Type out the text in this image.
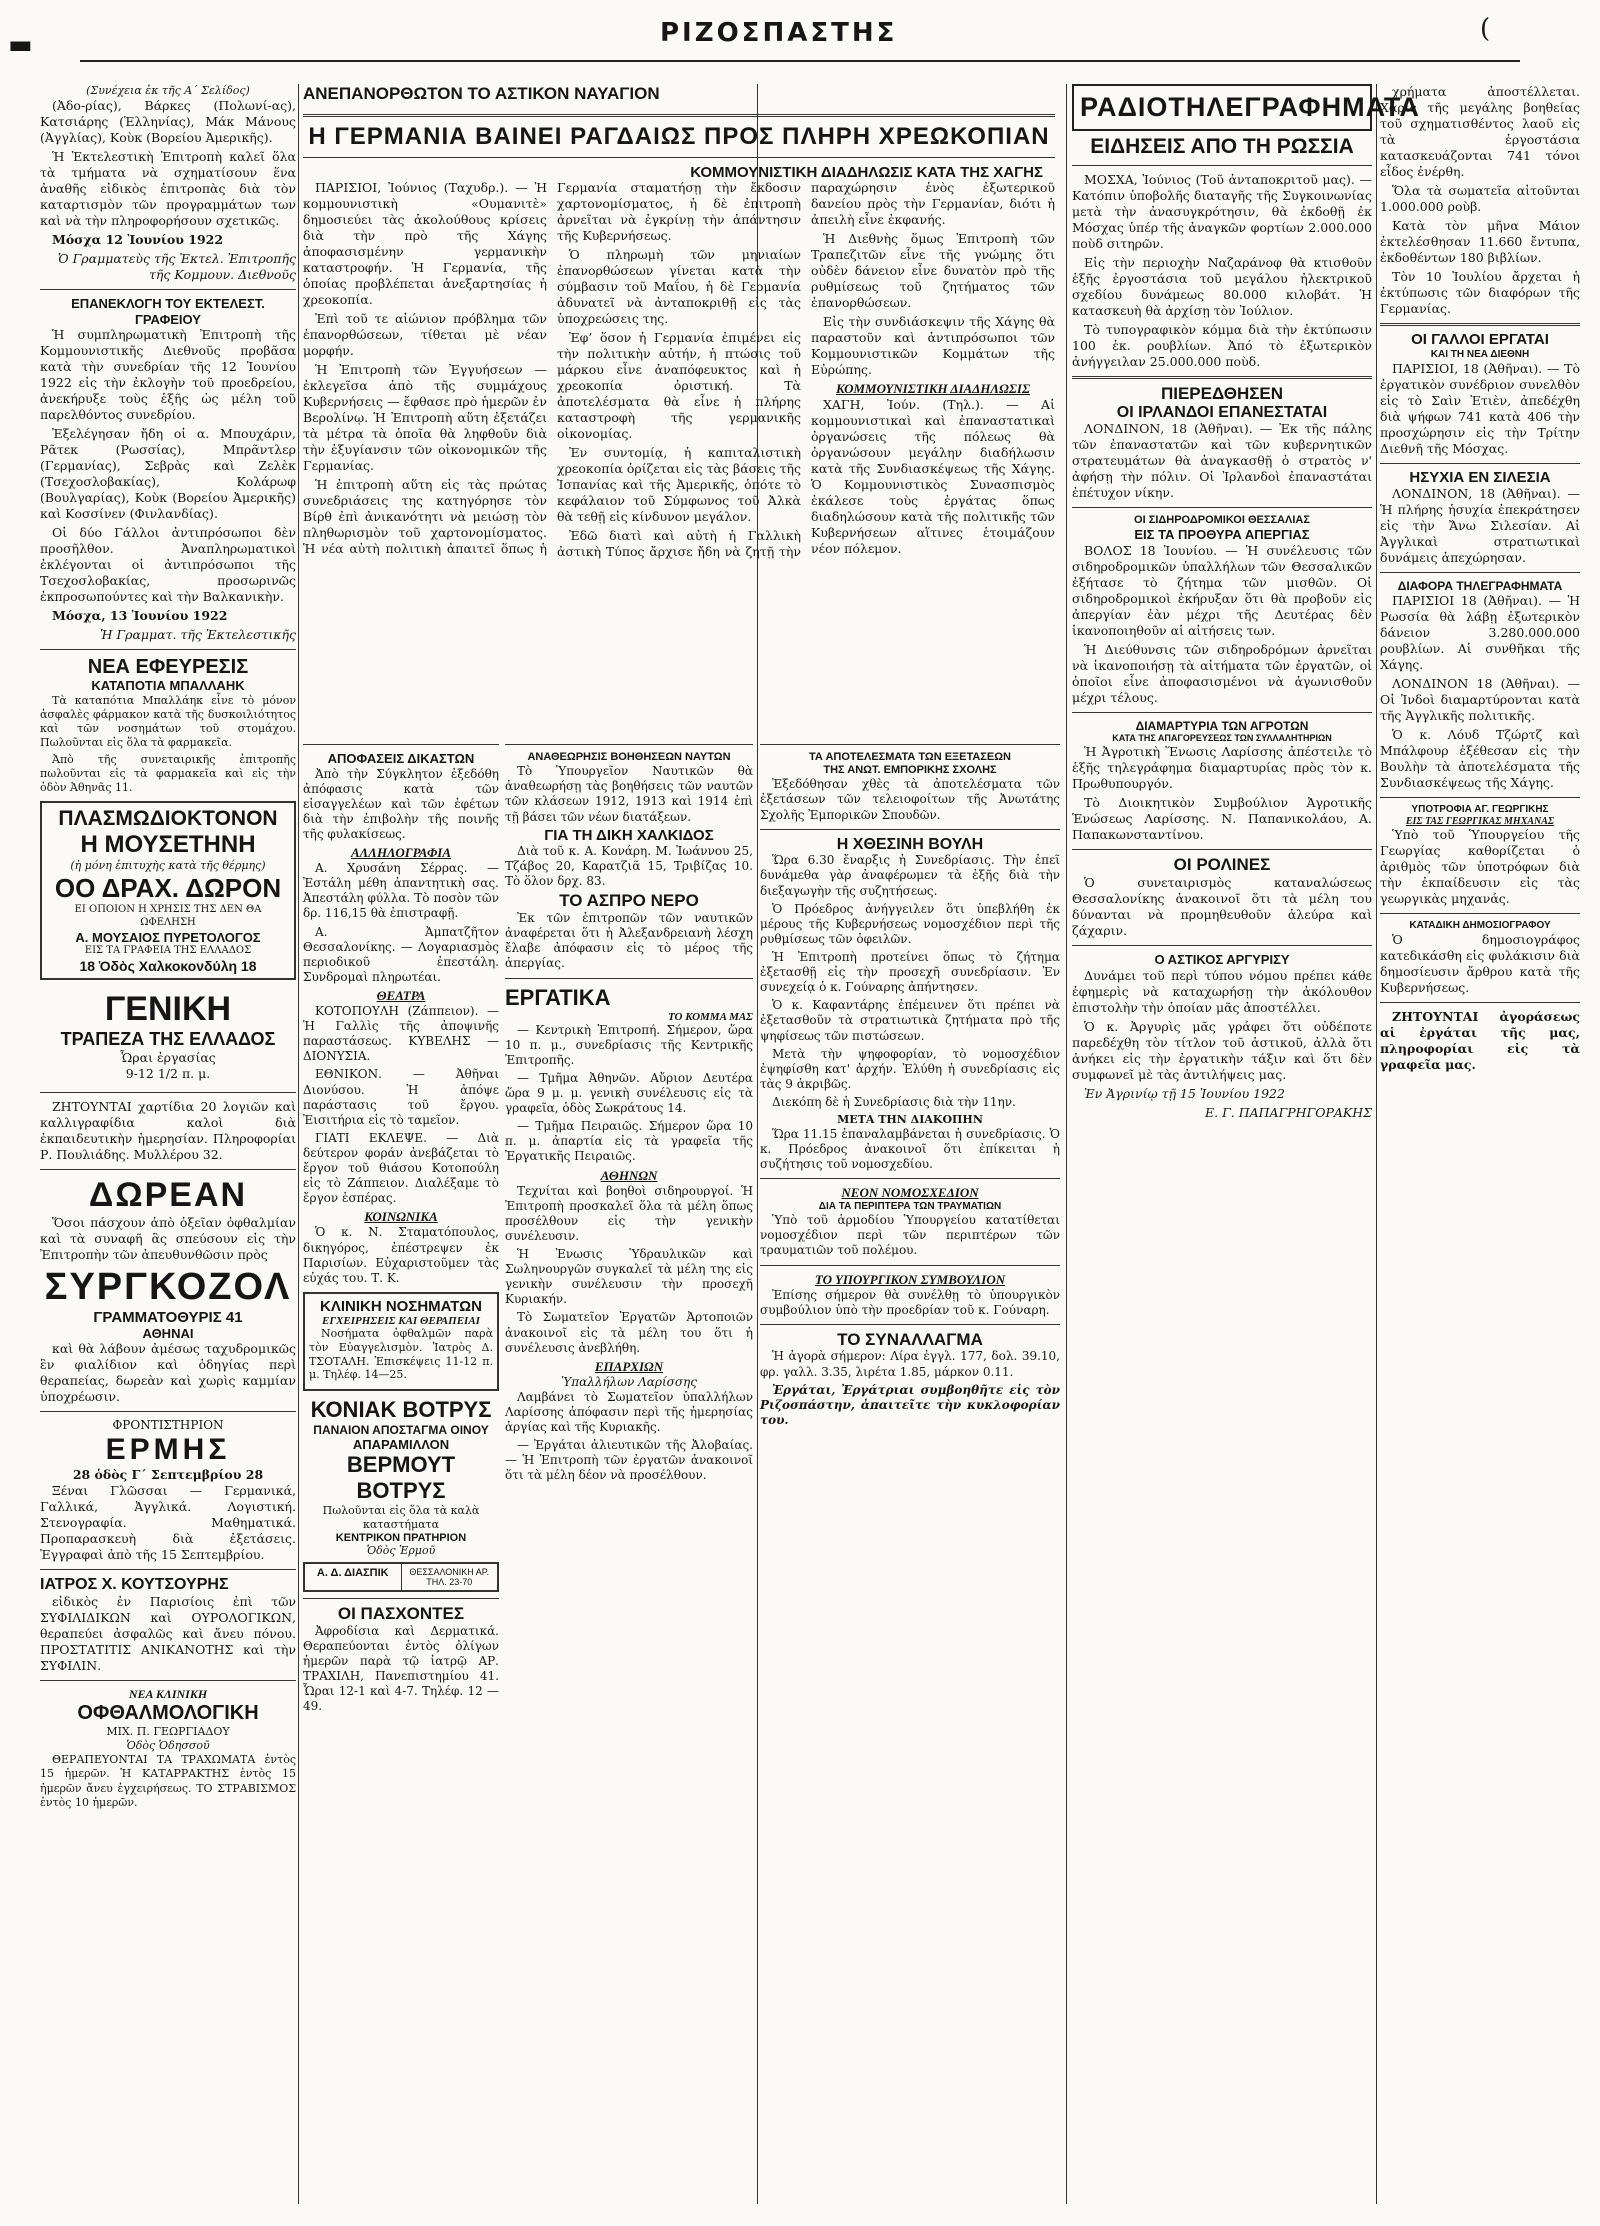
ΡΙΖΟΣΠΑΣΤΗΣ
▬
(
(Συνέχεια ἐκ τῆς Α΄ Σελίδος)

(Ἀδο-ρίας), Βάρκες (Πολωνί-ας), Κατσιάρης (Ἑλληνίας), Μάκ Μάνους (Ἀγγλίας), Κοὺκ (Βορείου Ἀμερικῆς).

Ἡ Ἐκτελεστικὴ Ἐπιτροπὴ καλεῖ ὅλα τὰ τμήματα νὰ σχηματίσουν ἕνα ἀναθῆς εἰδικὸς ἐπιτροπὰς διὰ τὸν καταρτισμὸν τῶν προγραμμάτων των καὶ νὰ τὴν πληροφορήσουν σχετικῶς.

Μόσχα 12 Ἰουνίου 1922

Ὁ Γραμματεὺς τῆς Ἐκτελ. Ἐπιτροπῆς τῆς Κομμουν. Διεθνοῦς

ΕΠΑΝΕΚΛΟΓΗ ΤΟΥ ΕΚΤΕΛΕΣΤ. ΓΡΑΦΕΙΟΥ

Ἡ συμπληρωματικὴ Ἐπιτροπὴ τῆς Κομμουνιστικῆς Διεθνοῦς προβᾶσα κατὰ τὴν συνεδρίαν τῆς 12 Ἰουνίου 1922 εἰς τὴν ἐκλογὴν τοῦ προεδρείου, ἀνεκήρυξε τοὺς ἑξῆς ὡς μέλη τοῦ παρελθόντος συνεδρίου.

Ἐξελέγησαν ἤδη οἱ α. Μπουχάριν, Ρᾶτεκ (Ρωσσίας), Μπρᾶντλερ (Γερμανίας), Σεβρὰς καὶ Ζελὲκ (Τσεχοσλοβακίας), Κολάρωφ (Βουλγαρίας), Κοὺκ (Βορείου Ἀμερικῆς) καὶ Κοσσίνεν (Φινλανδίας).

Οἱ δύο Γάλλοι ἀντιπρόσωποι δὲν προσῆλθον. Ἀναπληρωματικοὶ ἐκλέγονται οἱ ἀντιπρόσωποι τῆς Τσεχοσλοβακίας, προσωρινῶς ἐκπροσωπούντες καὶ τὴν Βαλκανικὴν.

Μόσχα, 13 Ἰουνίου 1922

Ἡ Γραμματ. τῆς Ἐκτελεστικῆς

ΝΕΑ ΕΦΕΥΡΕΣΙΣ
ΚΑΤΑΠΟΤΙΑ ΜΠΑΛΛΑΗΚ

Τὰ καταπότια Μπαλλάηκ εἶνε τὸ μόνον ἀσφαλὲς φάρμακον κατὰ τῆς δυσκοιλιότητος καὶ τῶν νοσημάτων τοῦ στομάχου. Πωλοῦνται εἰς ὅλα τὰ φαρμακεῖα.

Ἀπὸ τῆς συνεταιρικῆς ἐπιτροπῆς πωλοῦνται εἰς τὰ φαρμακεῖα καὶ εἰς τὴν ὁδὸν Ἀθηνᾶς 11.

ΠΛΑΣΜΩΔΙΟΚΤΟΝΟΝ
Η ΜΟΥΣΕΤΗΝΗ
(ἡ μόνη ἐπιτυχὴς κατὰ τῆς θέρμης)
ΟΟ ΔΡΑΧ. ΔΩΡΟΝ
ΕΙ ΟΠΟΙΟΝ Η ΧΡΗΣΙΣ ΤΗΣ ΔΕΝ ΘΑ ΩΦΕΛΗΣΗ
Α. ΜΟΥΣΑΙΟΣ ΠΥΡΕΤΟΛΟΓΟΣ
ΕΙΣ ΤΑ ΓΡΑΦΕΙΑ ΤΗΣ ΕΛΛΑΔΟΣ
18 Ὁδὸς Χαλκοκονδύλη 18
ΓΕΝΙΚΗ
ΤΡΑΠΕΖΑ ΤΗΣ ΕΛΛΑΔΟΣ
Ὧραι ἐργασίας
9-12 1/2 π. μ.

ΖΗΤΟΥΝΤΑΙ χαρτίδια 20 λογιῶν καὶ καλλιγραφίδια καλοὶ διὰ ἐκπαιδευτικὴν ἡμερησίαν. Πληροφορίαι Ρ. Πουλιάδης. Μυλλέρου 32.

ΔΩΡΕΑΝ

Ὅσοι πάσχουν ἀπὸ ὀξεῖαν ὀφθαλμίαν καὶ τὰ συναφῆ ἃς σπεύσουν εἰς τὴν Ἐπιτροπὴν τῶν ἀπευθυνθῶσιν πρὸς

ΣΥΡΓΚΟΖΟΛ
ΓΡΑΜΜΑΤΟΘΥΡΙΣ 41
ΑΘΗΝΑΙ

καὶ θὰ λάβουν ἀμέσως ταχυδρομικῶς ἓν φιαλίδιον καὶ ὁδηγίας περὶ θεραπείας, δωρεὰν καὶ χωρὶς καμμίαν ὑποχρέωσιν.

ΦΡΟΝΤΙΣΤΗΡΙΟΝ
ΕΡΜΗΣ
28 ὁδὸς Γ΄ Σεπτεμβρίου 28

Ξέναι Γλῶσσαι — Γερμανικά, Γαλλικά, Ἀγγλικά. Λογιστική. Στενογραφία. Μαθηματικά. Προπαρασκευὴ διὰ ἐξετάσεις. Ἐγγραφαὶ ἀπὸ τῆς 15 Σεπτεμβρίου.

ΙΑΤΡΟΣ Χ. ΚΟΥΤΣΟΥΡΗΣ

εἰδικὸς ἐν Παρισίοις ἐπὶ τῶν ΣΥΦΙΛΙΔΙΚΩΝ καὶ ΟΥΡΟΛΟΓΙΚΩΝ, θεραπεύει ἀσφαλῶς καὶ ἄνευ πόνου. ΠΡΟΣΤΑΤΙΤΙΣ ΑΝΙΚΑΝΟΤΗΣ καὶ τὴν ΣΥΦΙΛΙΝ.

ΝΕΑ ΚΛΙΝΙΚΗ
ΟΦΘΑΛΜΟΛΟΓΙΚΗ
ΜΙΧ. Π. ΓΕΩΡΓΙΑΔΟΥ
Ὁδὸς Ὁδησσοῦ

ΘΕΡΑΠΕΥΟΝΤΑΙ ΤΑ ΤΡΑΧΩΜΑΤΑ ἐντὸς 15 ἡμερῶν. Ἡ ΚΑΤΑΡΡΑΚΤΗΣ ἐντὸς 15 ἡμερῶν ἄνευ ἐγχειρήσεως. ΤΟ ΣΤΡΑΒΙΣΜΟΣ ἐντὸς 10 ἡμερῶν.

ΑΝΕΠΑΝΟΡΘΩΤΟΝ ΤΟ ΑΣΤΙΚΟΝ ΝΑΥΑΓΙΟΝ
Η ΓΕΡΜΑΝΙΑ ΒΑΙΝΕΙ ΡΑΓΔΑΙΩΣ ΠΡΟΣ ΠΛΗΡΗ ΧΡΕΩΚΟΠΙΑΝ
ΚΟΜΜΟΥΝΙΣΤΙΚΗ ΔΙΑΔΗΛΩΣΙΣ ΚΑΤΑ ΤΗΣ ΧΑΓΗΣ

ΠΑΡΙΣΙΟΙ, Ἰούνιος (Ταχυδρ.). — Ἡ κομμουνιστικὴ «Ουμανιτὲ» δημοσιεύει τὰς ἀκολούθους κρίσεις διὰ τὴν πρὸ τῆς Χάγης ἀποφασισμένην γερμανικὴν καταστροφήν. Ἡ Γερμανία, τῆς ὁποίας προβλέπεται ἀνεξαρτησίας ἡ χρεοκοπία.

Ἐπὶ τοῦ τε αἰώνιον πρόβλημα τῶν ἐπανορθώσεων, τίθεται μὲ νέαν μορφήν.

Ἡ Ἐπιτροπὴ τῶν Ἐγγυήσεων — ἐκλεγεῖσα ἀπὸ τῆς συμμάχους Κυβερνήσεις — ἔφθασε πρὸ ἡμερῶν ἐν Βερολίνῳ. Ἡ Ἐπιτροπὴ αὕτη ἐξετάζει τὰ μέτρα τὰ ὁποῖα θὰ ληφθοῦν διὰ τὴν ἐξυγίανσιν τῶν οἰκονομικῶν τῆς Γερμανίας.

Ἡ ἐπιτροπὴ αὕτη εἰς τὰς πρώτας συνεδριάσεις της κατηγόρησε τὸν Βίρθ ἐπὶ ἀνικανότητι νὰ μειώσῃ τὸν πληθωρισμὸν τοῦ χαρτονομίσματος. Ἡ νέα αὐτὴ πολιτικὴ ἀπαιτεῖ ὅπως ἡ Γερμανία σταματήσῃ τὴν ἔκδοσιν χαρτονομίσματος, ἡ δὲ ἐπιτροπὴ ἀρνεῖται νὰ ἐγκρίνῃ τὴν ἀπάντησιν τῆς Κυβερνήσεως.

Ὁ πληρωμὴ τῶν μηνιαίων ἐπανορθώσεων γίνεται κατὰ τὴν σύμβασιν τοῦ Μαΐου, ἡ δὲ Γερμανία ἀδυνατεῖ νὰ ἀνταποκριθῇ εἰς τὰς ὑποχρεώσεις της.

Ἐφ’ ὅσον ἡ Γερμανία ἐπιμένει εἰς τὴν πολιτικὴν αὐτήν, ἡ πτώσις τοῦ μάρκου εἶνε ἀναπόφευκτος καὶ ἡ χρεοκοπία ὁριστική. Τὰ ἀποτελέσματα θὰ εἶνε ἡ πλήρης καταστροφὴ τῆς γερμανικῆς οἰκονομίας.

Ἐν συντομίᾳ, ἡ καπιταλιστικὴ χρεοκοπία ὁρίζεται εἰς τὰς βάσεις τῆς Ἰσπανίας καὶ τῆς Ἀμερικῆς, ὁπότε τὸ κεφάλαιον τοῦ Σύμφωνος τοῦ Ἀλκὰ θὰ τεθῇ εἰς κίνδυνον μεγάλον.

Ἐδῶ διατὶ καὶ αὐτὴ ἡ Γαλλικὴ ἀστικὴ Τύπος ἄρχισε ἤδη νὰ ζητῇ τὴν παραχώρησιν ἑνὸς ἐξωτερικοῦ δανείου πρὸς τὴν Γερμανίαν, διότι ἡ ἀπειλὴ εἶνε ἐκφανής.

Ἡ Διεθνὴς ὅμως Ἐπιτροπὴ τῶν Τραπεζιτῶν εἶνε τῆς γνώμης ὅτι οὐδὲν δάνειον εἶνε δυνατὸν πρὸ τῆς ρυθμίσεως τοῦ ζητήματος τῶν ἐπανορθώσεων.

Εἰς τὴν συνδιάσκεψιν τῆς Χάγης θὰ παραστοῦν καὶ ἀντιπρόσωποι τῶν Κομμουνιστικῶν Κομμάτων τῆς Εὐρώπης.

ΚΟΜΜΟΥΝΙΣΤΙΚΗ ΔΙΑΔΗΛΩΣΙΣ

ΧΑΓΗ, Ἰούν. (Τηλ.). — Αἱ κομμουνιστικαὶ καὶ ἐπαναστατικαὶ ὀργανώσεις τῆς πόλεως θὰ ὀργανώσουν μεγάλην διαδήλωσιν κατὰ τῆς Συνδιασκέψεως τῆς Χάγης. Ὁ Κομμουνιστικὸς Συνασπισμὸς ἐκάλεσε τοὺς ἐργάτας ὅπως διαδηλώσουν κατὰ τῆς πολιτικῆς τῶν Κυβερνήσεων αἵτινες ἑτοιμάζουν νέον πόλεμον.

ΑΠΟΦΑΣΕΙΣ ΔΙΚΑΣΤΩΝ

Ἀπὸ τὴν Σύγκλητον ἐξεδόθη ἀπόφασις κατὰ τῶν εἰσαγγελέων καὶ τῶν ἐφέτων διὰ τὴν ἐπιβολὴν τῆς ποινῆς τῆς φυλακίσεως.

ΑΛΛΗΛΟΓΡΑΦΙΑ

Α. Χρυσάνη Σέρρας. — Ἐστάλη μέθη ἀπαντητικὴ σας. Ἀπεστάλη φύλλα. Τὸ ποσὸν τῶν δρ. 116,15 θὰ ἐπιστραφῇ.

Α. Ἀμπατζῆτον Θεσσαλονίκης. — Λογαριασμὸς περιοδικοῦ ἐπεστάλη. Συνδρομαὶ πληρωτέαι.

ΘΕΑΤΡΑ

ΚΟΤΟΠΟΥΛΗ (Ζάππειον). — Ἡ Γαλλὶς τῆς ἀποψινῆς παραστάσεως. ΚΥΒΕΛΗΣ — ΔΙΟΝΥΣΙΑ.

ΕΘΝΙΚΟΝ. — Ἀθῆναι Διονύσου. Ἡ ἀπόψε παράστασις τοῦ ἔργου. Ἐισιτήρια εἰς τὸ ταμεῖον.

ΓΙΑΤΙ ΕΚΛΕΨΕ. — Διὰ δεύτερον φοράν ἀνεβάζεται τὸ ἔργον τοῦ θιάσου Κοτοπούλη εἰς τὸ Ζάππειον. Διαλέξαμε τὸ ἔργον ἑσπέρας.

ΚΟΙΝΩΝΙΚΑ

Ὁ κ. Ν. Σταματόπουλος, δικηγόρος, ἐπέστρεψεν ἐκ Παρισίων. Εὐχαριστοῦμεν τὰς εὐχάς του. Τ. Κ.

ΚΛΙΝΙΚΗ ΝΟΣΗΜΑΤΩΝ
ΕΓΧΕΙΡΗΣΕΙΣ ΚΑΙ ΘΕΡΑΠΕΙΑΙ

Νοσήματα ὀφθαλμῶν παρὰ τὸν Εὐαγγελισμὸν. Ἰατρὸς Δ. ΤΣΟΤΑΛΗ. Ἐπισκέψεις 11-12 π. μ. Τηλέφ. 14—25.

ΚΟΝΙΑΚ ΒΟΤΡΥΣ
ΠΑΝΑΙΟΝ ΑΠΟΣΤΑΓΜΑ ΟΙΝΟΥ
ΑΠΑΡΑΜΙΛΛΟΝ
ΒΕΡΜΟΥΤ ΒΟΤΡΥΣ
Πωλοῦνται εἰς ὅλα τὰ καλὰ καταστήματα
ΚΕΝΤΡΙΚΟΝ ΠΡΑΤΗΡΙΟΝ
Ὁδὸς Ἑρμοῦ
Α. Δ. ΔΙΑΣΠΙΚ	ΘΕΣΣΑΛΟΝΙΚΗ ΑΡ. ΤΗΛ. 23-70
ΟΙ ΠΑΣΧΟΝΤΕΣ

Ἀφροδίσια καὶ Δερματικά. Θεραπεύονται ἐντὸς ὀλίγων ἡμερῶν παρὰ τῷ ἰατρῷ ΑΡ. ΤΡΑΧΙΛΗ, Πανεπιστημίου 41. Ὧραι 12-1 καὶ 4-7. Τηλέφ. 12 — 49.

ΑΝΑΘΕΩΡΗΣΙΣ ΒΟΗΘΗΣΕΩΝ ΝΑΥΤΩΝ

Τὸ Ὑπουργεῖον Ναυτικῶν θὰ ἀναθεωρήσῃ τὰς βοηθήσεις τῶν ναυτῶν τῶν κλάσεων 1912, 1913 καὶ 1914 ἐπὶ τῇ βάσει τῶν νέων διατάξεων.

ΓΙΑ ΤΗ ΔΙΚΗ ΧΑΛΚΙΔΟΣ

Διὰ τοῦ κ. Α. Κονάρη. Μ. Ἰωάννου 25, Τζάβος 20, Καρατζιᾶ 15, Τριβίζας 10. Τὸ ὅλον δρχ. 83.

ΤΟ ΑΣΠΡΟ ΝΕΡΟ

Ἐκ τῶν ἐπιτροπῶν τῶν ναυτικῶν ἀναφέρεται ὅτι ἡ Ἀλεξανδρειανὴ λέσχη ἔλαβε ἀπόφασιν εἰς τὸ μέρος τῆς ἀπεργίας.

ΕΡΓΑΤΙΚΑ
ΤΟ ΚΟΜΜΑ ΜΑΣ

— Κεντρικὴ Ἐπιτροπή. Σήμερον, ὥρα 10 π. μ., συνεδρίασις τῆς Κεντρικῆς Ἐπιτροπῆς.

— Τμῆμα Ἀθηνῶν. Αὔριον Δευτέρα ὥρα 9 μ. μ. γενικὴ συνέλευσις εἰς τὰ γραφεῖα, ὁδὸς Σωκράτους 14.

— Τμῆμα Πειραιῶς. Σήμερον ὥρα 10 π. μ. ἀπαρτία εἰς τὰ γραφεῖα τῆς Ἐργατικῆς Πειραιῶς.

ΑΘΗΝΩΝ

Τεχνίται καὶ βοηθοὶ σιδηρουργοί. Ἡ Ἐπιτροπὴ προσκαλεῖ ὅλα τὰ μέλη ὅπως προσέλθουν εἰς τὴν γενικὴν συνέλευσιν.

Ἡ Ἐνωσις Ὑδραυλικῶν καὶ Σωληνουργῶν συγκαλεῖ τὰ μέλη της εἰς γενικὴν συνέλευσιν τὴν προσεχῆ Κυριακήν.

Τὸ Σωματεῖον Ἐργατῶν Ἀρτοποιῶν ἀνακοινοῖ εἰς τὰ μέλη του ὅτι ἡ συνέλευσις ἀνεβλήθη.

ΕΠΑΡΧΙΩΝ
Ὑπαλλήλων Λαρίσσης

Λαμβάνει τὸ Σωματεῖον ὑπαλλήλων Λαρίσσης ἀπόφασιν περὶ τῆς ἡμερησίας ἀργίας καὶ τῆς Κυριακῆς.

— Ἐργάται ἀλιευτικῶν τῆς Ἀλοβαίας. — Ἡ Ἐπιτροπὴ τῶν ἐργατῶν ἀνακοινοῖ ὅτι τὰ μέλη δέον νὰ προσέλθουν.

ΤΑ ΑΠΟΤΕΛΕΣΜΑΤΑ ΤΩΝ ΕΞΕΤΑΣΕΩΝ
ΤΗΣ ΑΝΩΤ. ΕΜΠΟΡΙΚΗΣ ΣΧΟΛΗΣ

Ἐξεδόθησαν χθὲς τὰ ἀποτελέσματα τῶν ἐξετάσεων τῶν τελειοφοίτων τῆς Ἀνωτάτης Σχολῆς Ἐμπορικῶν Σπουδῶν.

Η ΧΘΕΣΙΝΗ ΒΟΥΛΗ

Ὥρα 6.30 ἔναρξις ἡ Συνεδρίασις. Τὴν ἐπεῖ δυνάμεθα γὰρ ἀναφέρωμεν τὰ ἑξῆς διὰ τὴν διεξαγωγὴν τῆς συζητήσεως.

Ὁ Πρόεδρος ἀνήγγειλεν ὅτι ὑπεβλήθη ἐκ μέρους τῆς Κυβερνήσεως νομοσχέδιον περὶ τῆς ρυθμίσεως τῶν ὀφειλῶν.

Ἡ Ἐπιτροπὴ προτείνει ὅπως τὸ ζήτημα ἐξετασθῇ εἰς τὴν προσεχῆ συνεδρίασιν. Ἐν συνεχείᾳ ὁ κ. Γούναρης ἀπήντησεν.

Ὁ κ. Καφαντάρης ἐπέμεινεν ὅτι πρέπει νὰ ἐξετασθοῦν τὰ στρατιωτικὰ ζητήματα πρὸ τῆς ψηφίσεως τῶν πιστώσεων.

Μετὰ τὴν ψηφοφορίαν, τὸ νομοσχέδιον ἐψηφίσθη κατ' ἀρχήν. Ἐλύθη ἡ συνεδρίασις εἰς τὰς 9 ἀκριβῶς.

Διεκόπη δὲ ἡ Συνεδρίασις διὰ τὴν 11ην.

ΜΕΤΑ ΤΗΝ ΔΙΑΚΟΠΗΝ

Ὥρα 11.15 ἐπαναλαμβάνεται ἡ συνεδρίασις. Ὁ κ. Πρόεδρος ἀνακοινοῖ ὅτι ἐπίκειται ἡ συζήτησις τοῦ νομοσχεδίου.

ΝΕΟΝ ΝΟΜΟΣΧΕΔΙΟΝ
ΔΙΑ ΤΑ ΠΕΡΙΠΤΕΡΑ ΤΩΝ ΤΡΑΥΜΑΤΙΩΝ

Ὑπὸ τοῦ ἁρμοδίου Ὑπουργείου κατατίθεται νομοσχέδιον περὶ τῶν περιπτέρων τῶν τραυματιῶν τοῦ πολέμου.

ΤΟ ΥΠΟΥΡΓΙΚΟΝ ΣΥΜΒΟΥΛΙΟΝ

Ἐπίσης σήμερον θὰ συνέλθῃ τὸ ὑπουργικὸν συμβούλιον ὑπὸ τὴν προεδρίαν τοῦ κ. Γούναρη.

ΤΟ ΣΥΝΑΛΛΑΓΜΑ

Ἡ ἀγορὰ σήμερον: Λίρα ἐγγλ. 177, δολ. 39.10, φρ. γαλλ. 3.35, λιρέτα 1.85, μάρκον 0.11.

Ἐργάται, Ἐργάτριαι συμβοηθῆτε εἰς τὸν Ριζοσπάστην, ἀπαιτεῖτε τὴν κυκλοφορίαν του.

ΡΑΔΙΟΤΗΛΕΓΡΑΦΗΜΑΤΑ
ΕΙΔΗΣΕΙΣ ΑΠΟ ΤΗ ΡΩΣΣΙΑ

ΜΟΣΧΑ, Ἰούνιος (Τοῦ ἀνταποκριτοῦ μας). — Κατόπιν ὑποβολῆς διαταγῆς τῆς Συγκοινωνίας μετὰ τὴν ἀνασυγκρότησιν, θὰ ἐκδοθῇ ἐκ Μόσχας ὑπέρ τῆς ἀναγκῶν φορτίων 2.000.000 ποὺδ σιτηρῶν.

Εἰς τὴν περιοχὴν Ναζαράνοφ θὰ κτισθοῦν ἑξῆς ἐργοστάσια τοῦ μεγάλου ἠλεκτρικοῦ σχεδίου δυνάμεως 80.000 κιλοβάτ. Ἡ κατασκευὴ θὰ ἀρχίσῃ τὸν Ἰούλιον.

Τὸ τυπογραφικὸν κόμμα διὰ τὴν ἐκτύπωσιν 100 ἑκ. ρουβλίων. Ἀπό τὸ ἐξωτερικὸν ἀνήγγειλαν 25.000.000 ποὺδ.

ΠΙΕΡΕΔΘΗΣΕΝ
ΟΙ ΙΡΛΑΝΔΟΙ ΕΠΑΝΕΣΤΑΤΑΙ

ΛΟΝΔΙΝΟΝ, 18 (Ἀθῆναι). — Ἐκ τῆς πάλης τῶν ἐπαναστατῶν καὶ τῶν κυβερνητικῶν στρατευμάτων θὰ ἀναγκασθῇ ὁ στρατὸς ν' ἀφήσῃ τὴν πόλιν. Οἱ Ἰρλανδοὶ ἐπαναστάται ἐπέτυχον νίκην.

ΟΙ ΣΙΔΗΡΟΔΡΟΜΙΚΟΙ ΘΕΣΣΑΛΙΑΣ
ΕΙΣ ΤΑ ΠΡΟΘΥΡΑ ΑΠΕΡΓΙΑΣ

ΒΟΛΟΣ 18 Ἰουνίου. — Ἡ συνέλευσις τῶν σιδηροδρομικῶν ὑπαλλήλων τῶν Θεσσαλικῶν ἐξήτασε τὸ ζήτημα τῶν μισθῶν. Οἱ σιδηροδρομικοὶ ἐκήρυξαν ὅτι θὰ προβοῦν εἰς ἀπεργίαν ἐὰν μέχρι τῆς Δευτέρας δὲν ἱκανοποιηθοῦν αἱ αἰτήσεις των.

Ἡ Διεύθυνσις τῶν σιδηροδρόμων ἀρνεῖται νὰ ἱκανοποιήσῃ τὰ αἰτήματα τῶν ἐργατῶν, οἱ ὁποῖοι εἶνε ἀποφασισμένοι νὰ ἀγωνισθοῦν μέχρι τέλους.

ΔΙΑΜΑΡΤΥΡΙΑ ΤΩΝ ΑΓΡΟΤΩΝ
ΚΑΤΑ ΤΗΣ ΑΠΑΓΟΡΕΥΣΕΩΣ ΤΩΝ ΣΥΛΛΑΛΗΤΗΡΙΩΝ

Ἡ Ἀγροτικὴ Ἕνωσις Λαρίσσης ἀπέστειλε τὸ ἑξῆς τηλεγράφημα διαμαρτυρίας πρὸς τὸν κ. Πρωθυπουργόν.

Τὸ Διοικητικὸν Συμβούλιον Ἀγροτικῆς Ἑνώσεως Λαρίσσης. Ν. Παπανικολάου, Α. Παπακωνσταντίνου.

ΟΙ ΡΟΛΙΝΕΣ

Ὁ συνεταιρισμὸς καταναλώσεως Θεσσαλονίκης ἀνακοινοῖ ὅτι τὰ μέλη του δύνανται νὰ προμηθευθοῦν ἀλεύρα καὶ ζάχαριν.

Ο ΑΣΤΙΚΟΣ ΑΡΓΥΡΙΣΥ

Δυνάμει τοῦ περὶ τύπου νόμου πρέπει κάθε ἐφημερὶς νὰ καταχωρήσῃ τὴν ἀκόλουθον ἐπιστολὴν τὴν ὁποίαν μᾶς ἀποστέλλει.

Ὁ κ. Ἀργυρὶς μᾶς γράφει ὅτι οὐδέποτε παρεδέχθη τὸν τίτλον τοῦ ἀστικοῦ, ἀλλὰ ὅτι ἀνήκει εἰς τὴν ἐργατικὴν τάξιν καὶ ὅτι δὲν συμφωνεῖ μὲ τὰς ἀντιλήψεις μας.

Ἐν Ἀγρινίῳ τῇ 15 Ἰουνίου 1922

Ε. Γ. ΠΑΠΑΓΡΗΓΟΡΑΚΗΣ

χρήματα ἀποστέλλεται. Χάρις τῆς μεγάλης βοηθείας τοῦ σχηματισθέντος λαοῦ εἰς τὰ ἐργοστάσια κατασκευάζονται 741 τόνοι εἶδος ἐνέρθη.

Ὅλα τὰ σωματεῖα αἰτοῦνται 1.000.000 ροὺβ.

Κατὰ τὸν μῆνα Μάιον ἐκτελέσθησαν 11.660 ἔντυπα, ἐκδοθέντων 180 βιβλίων.

Τὸν 10 Ἰουλίου ἄρχεται ἡ ἐκτύπωσις τῶν διαφόρων τῆς Γερμανίας.

ΟΙ ΓΑΛΛΟΙ ΕΡΓΑΤΑΙ
ΚΑΙ ΤΗ ΝΕΑ ΔΙΕΘΝΗ

ΠΑΡΙΣΙΟΙ, 18 (Ἀθῆναι). — Τὸ ἐργατικὸν συνέδριον συνελθὸν εἰς τὸ Σαὶν Ἐτιὲν, ἀπεδέχθη διὰ ψήφων 741 κατὰ 406 τὴν προσχώρησιν εἰς τὴν Τρίτην Διεθνῆ τῆς Μόσχας.

ΗΣΥΧΙΑ ΕΝ ΣΙΛΕΣΙΑ

ΛΟΝΔΙΝΟΝ, 18 (Ἀθῆναι). — Ἡ πλήρης ἡσυχία ἐπεκράτησεν εἰς τὴν Ἄνω Σιλεσίαν. Αἱ Ἀγγλικαὶ στρατιωτικαὶ δυνάμεις ἀπεχώρησαν.

ΔΙΑΦΟΡΑ ΤΗΛΕΓΡΑΦΗΜΑΤΑ

ΠΑΡΙΣΙΟΙ 18 (Ἀθῆναι). — Ἡ Ρωσσία θὰ λάβῃ ἐξωτερικὸν δάνειον 3.280.000.000 ρουβλίων. Αἱ συνθῆκαι τῆς Χάγης.

ΛΟΝΔΙΝΟΝ 18 (Ἀθῆναι). — Οἱ Ἰνδοὶ διαμαρτύρονται κατὰ τῆς Ἀγγλικῆς πολιτικῆς.

Ὁ κ. Λόυδ Τζώρτζ καὶ Μπάλφουρ ἐξέθεσαν εἰς τὴν Βουλὴν τὰ ἀποτελέσματα τῆς Συνδιασκέψεως τῆς Χάγης.

ΥΠΟΤΡΟΦΙΑ ΑΓ. ΓΕΩΡΓΙΚΗΣ
ΕΙΣ ΤΑΣ ΓΕΩΡΓΙΚΑΣ ΜΗΧΑΝΑΣ

Ὑπὸ τοῦ Ὑπουργείου τῆς Γεωργίας καθορίζεται ὁ ἀριθμὸς τῶν ὑποτρόφων διὰ τὴν ἐκπαίδευσιν εἰς τὰς γεωργικὰς μηχανάς.

ΚΑΤΑΔΙΚΗ ΔΗΜΟΣΙΟΓΡΑΦΟΥ

Ὁ δημοσιογράφος κατεδικάσθη εἰς φυλάκισιν διὰ δημοσίευσιν ἄρθρου κατὰ τῆς Κυβερνήσεως.

ΖΗΤΟΥΝΤΑΙ ἀγοράσεως αἱ ἐργάται τῆς μας, πληροφορίαι εἰς τὰ γραφεῖα μας.
